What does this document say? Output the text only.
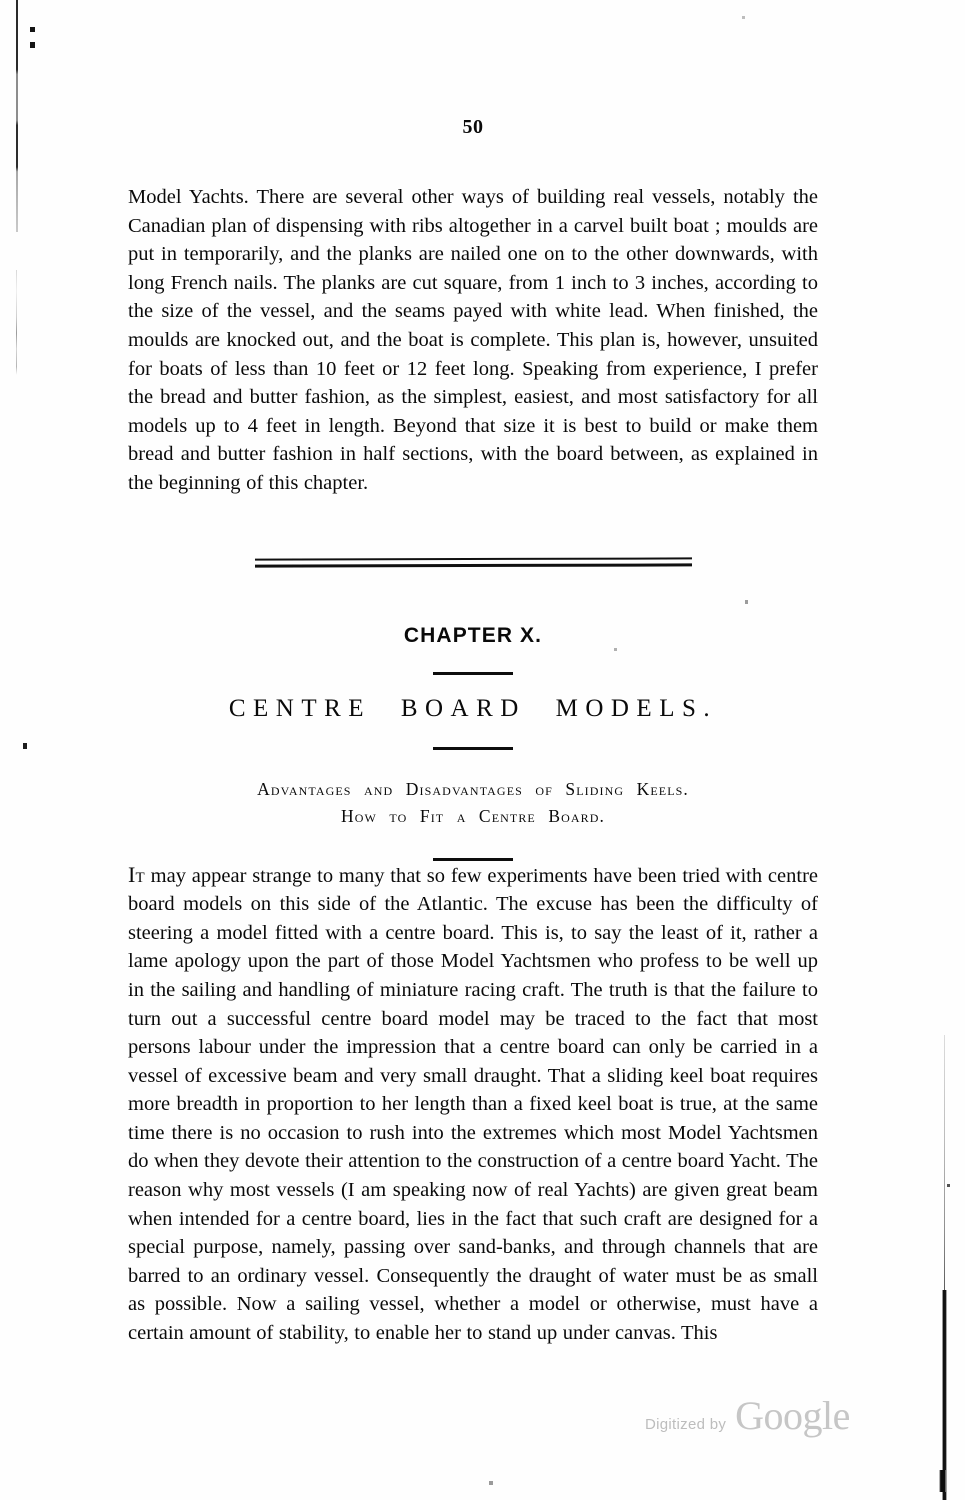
50

Model Yachts. There are several other ways of building real vessels, notably the Canadian plan of dispensing with ribs altogether in a carvel built boat ; moulds are put in temporarily, and the planks are nailed one on to the other downwards, with long French nails. The planks are cut square, from 1 inch to 3 inches, according to the size of the vessel, and the seams payed with white lead. When finished, the moulds are knocked out, and the boat is complete. This plan is, however, unsuited for boats of less than 10 feet or 12 feet long. Speaking from experience, I prefer the bread and butter fashion, as the simplest, easiest, and most satisfactory for all models up to 4 feet in length. Beyond that size it is best to build or make them bread and butter fashion in half sections, with the board between, as explained in the beginning of this chapter.

CHAPTER X.
CENTRE BOARD MODELS.
Advantages and Disadvantages of Sliding Keels.
How to Fit a Centre Board.

It may appear strange to many that so few experiments have been tried with centre board models on this side of the Atlantic. The excuse has been the difficulty of steering a model fitted with a centre board. This is, to say the least of it, rather a lame apology upon the part of those Model Yachtsmen who profess to be well up in the sailing and handling of miniature racing craft. The truth is that the failure to turn out a successful centre board model may be traced to the fact that most persons labour under the impression that a centre board can only be carried in a vessel of excessive beam and very small draught. That a sliding keel boat requires more breadth in proportion to her length than a fixed keel boat is true, at the same time there is no occasion to rush into the extremes which most Model Yachtsmen do when they devote their attention to the construction of a centre board Yacht. The reason why most vessels (I am speaking now of real Yachts) are given great beam when intended for a centre board, lies in the fact that such craft are designed for a special purpose, namely, passing over sand-banks, and through channels that are barred to an ordinary vessel. Consequently the draught of water must be as small as possible. Now a sailing vessel, whether a model or otherwise, must have a certain amount of stability, to enable her to stand up under canvas. This

Digitized by Google
